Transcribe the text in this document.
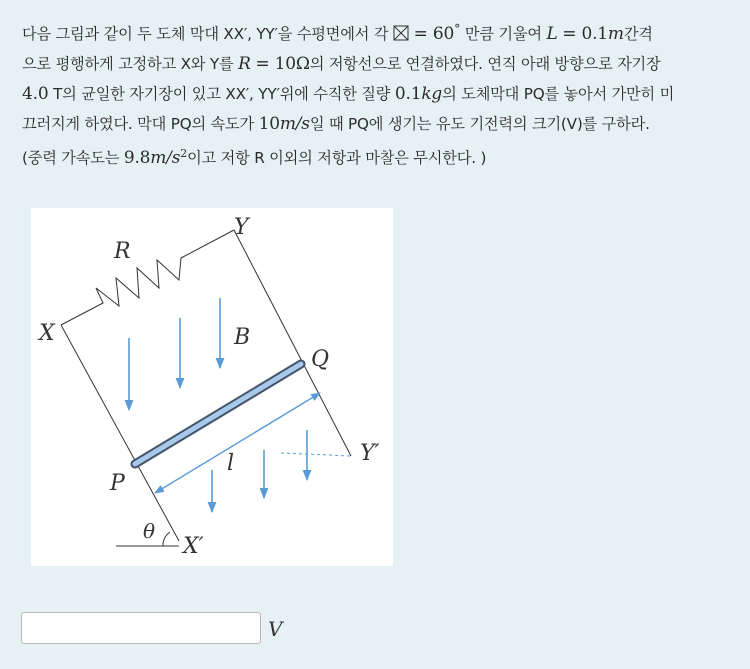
다음 그림과 같이 두 도체 막대 XX′, YY′을 수평면에서 각 = 60° 만큼 기울여 L = 0.1m간격
으로 평행하게 고정하고 X와 Y를 R = 10Ω의 저항선으로 연결하였다. 연직 아래 방향으로 자기장
4.0 T의 균일한 자기장이 있고 XX′, YY′위에 수직한 질량 0.1kg의 도체막대 PQ를 놓아서 가만히 미
끄러지게 하였다. 막대 PQ의 속도가 10m/s일 때 PQ에 생기는 유도 기전력의 크기(V)를 구하라.
(중력 가속도는 $9.8m/s^2$이고 저항 R 이외의 저항과 마찰은 무시한다. )
X
Y
R
B
Q
P
Y′
X′
l
θ
V
